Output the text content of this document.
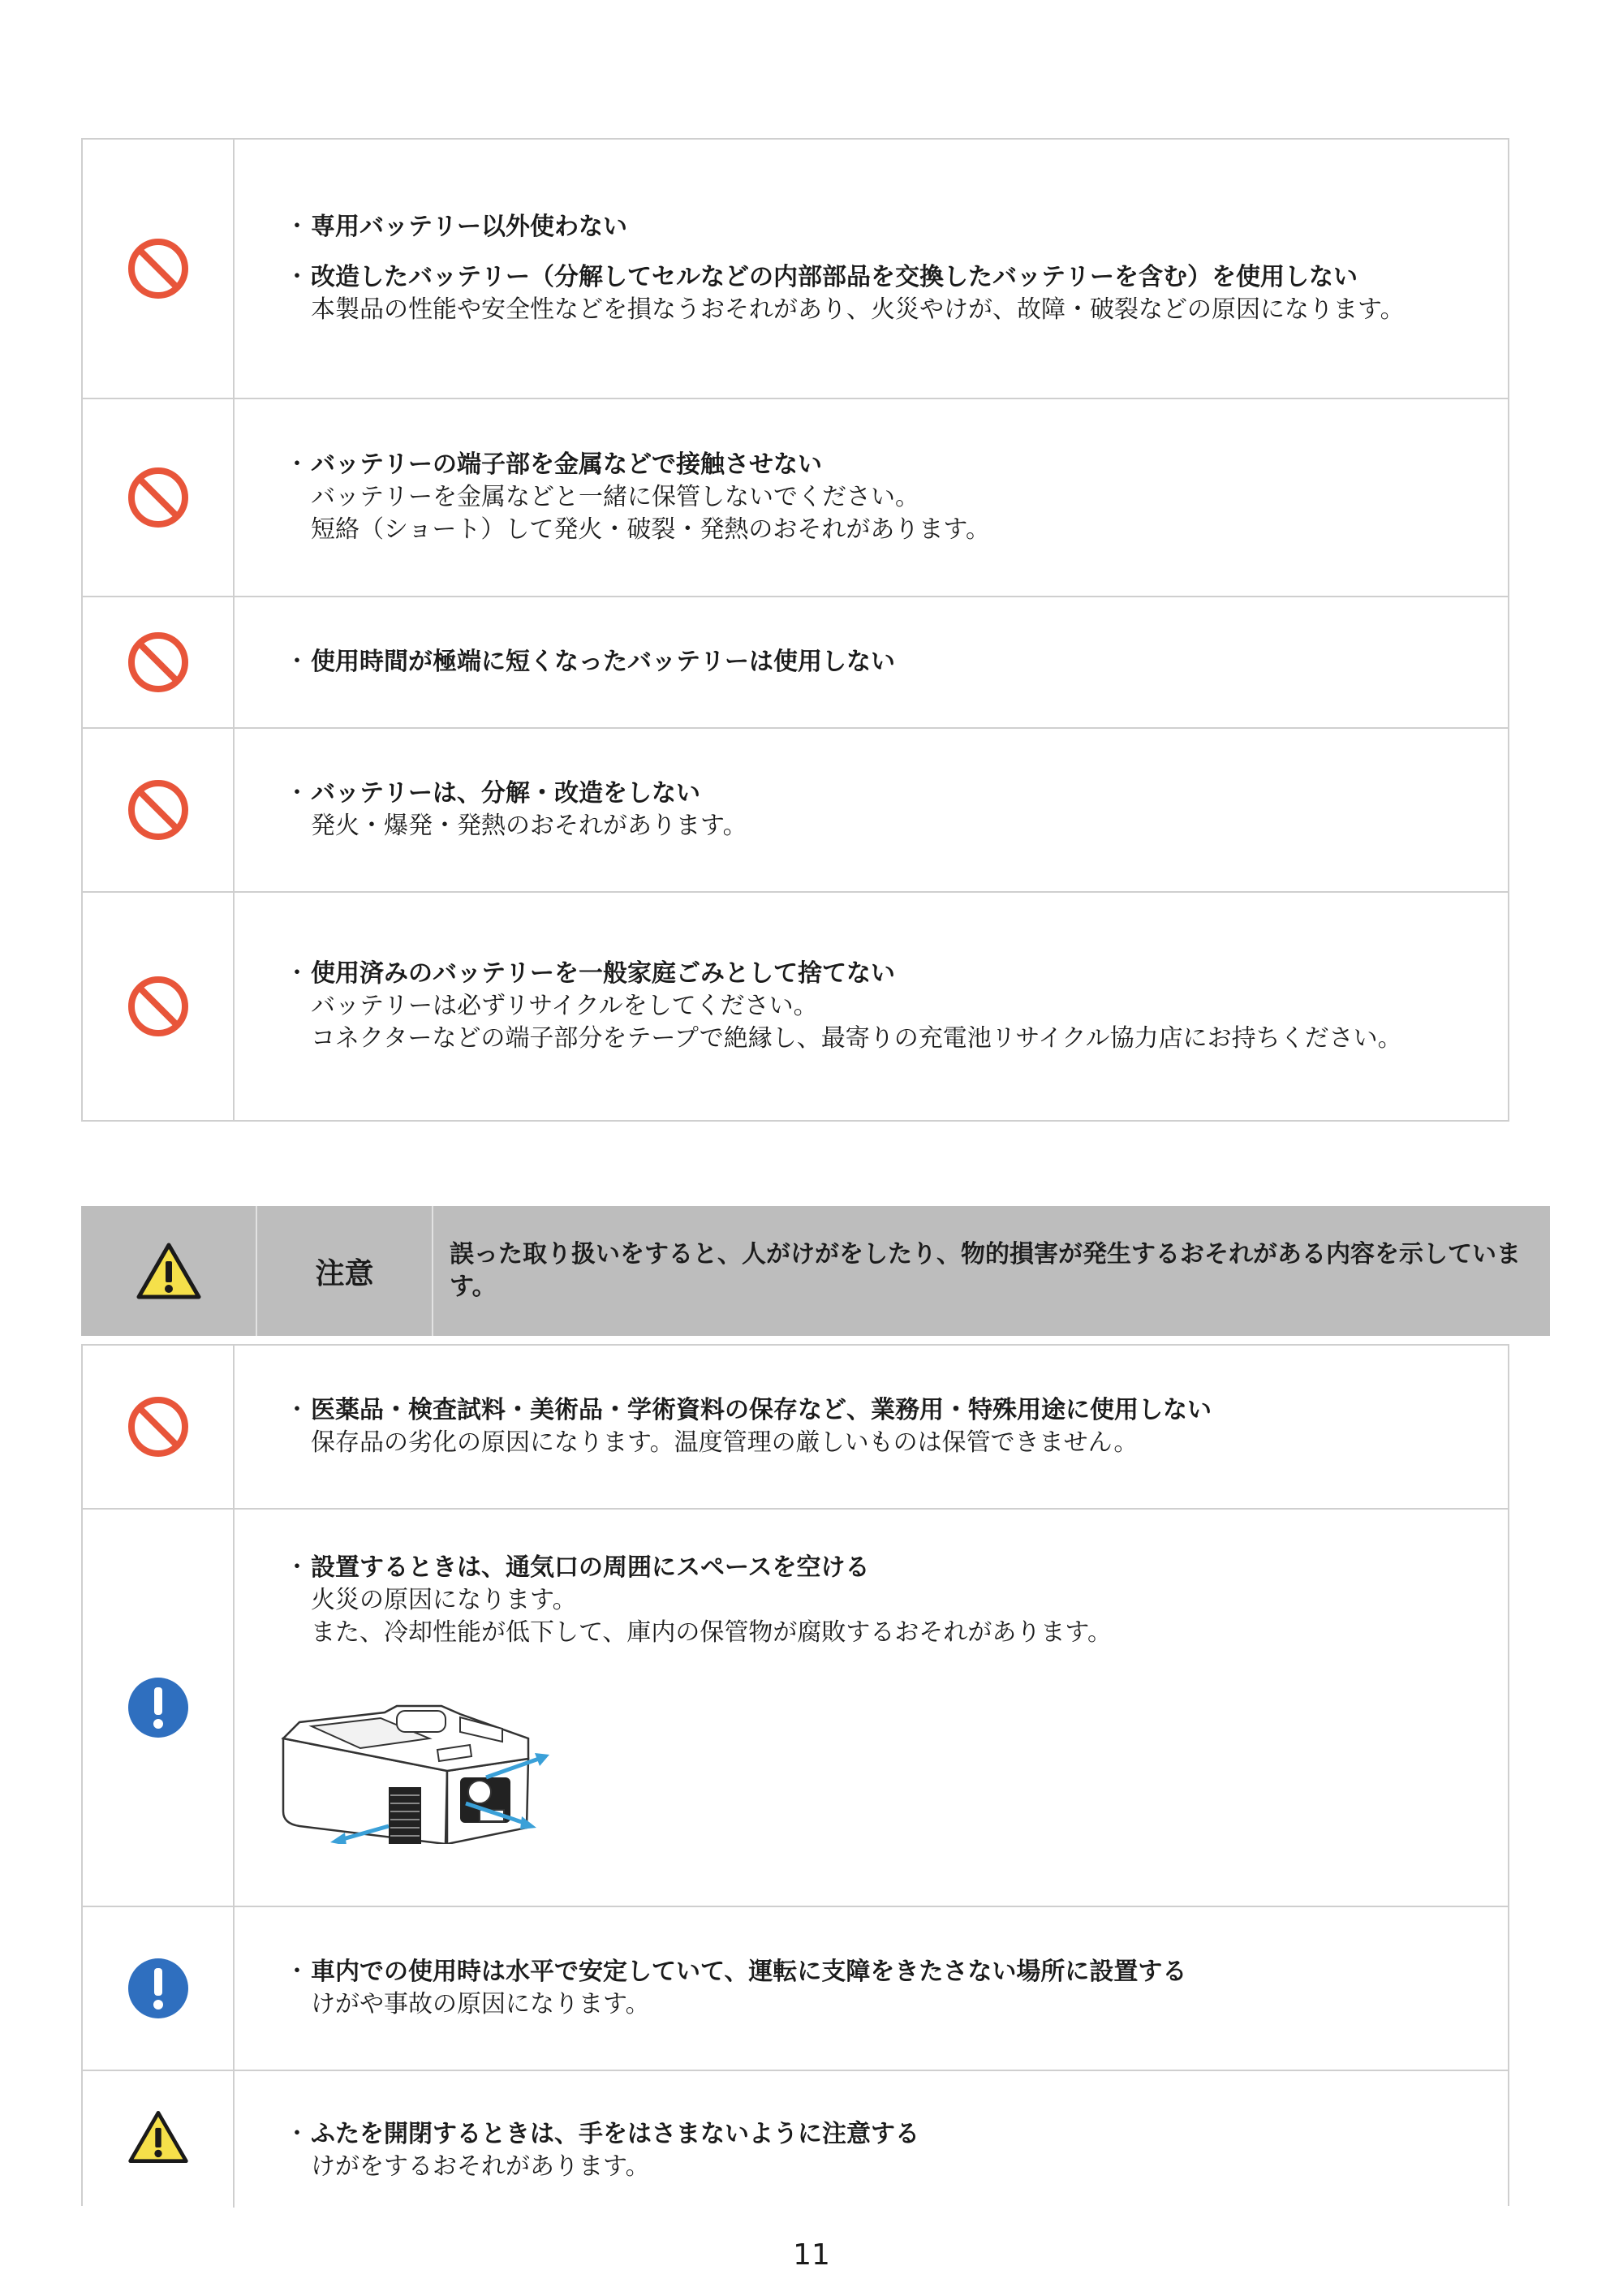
・ 専用バッテリー以外使わない
・ 改造したバッテリー（分解してセルなどの内部部品を交換したバッテリーを含む）を使用しない
本製品の性能や安全性などを損なうおそれがあり、火災やけが、故障・破裂などの原因になります。
・ バッテリーの端子部を金属などで接触させない
バッテリーを金属などと一緒に保管しないでください。
短絡（ショート）して発火・破裂・発熱のおそれがあります。
・ 使用時間が極端に短くなったバッテリーは使用しない
・ バッテリーは、分解・改造をしない
発火・爆発・発熱のおそれがあります。
・ 使用済みのバッテリーを一般家庭ごみとして捨てない
バッテリーは必ずリサイクルをしてください。
コネクターなどの端子部分をテープで絶縁し、最寄りの充電池リサイクル協力店にお持ちください。
注意
誤った取り扱いをすると、人がけがをしたり、物的損害が発生するおそれがある内容を示しています。
・ 医薬品・検査試料・美術品・学術資料の保存など、業務用・特殊用途に使用しない
保存品の劣化の原因になります。温度管理の厳しいものは保管できません。
・ 設置するときは、通気口の周囲にスペースを空ける
火災の原因になります。
また、冷却性能が低下して、庫内の保管物が腐敗するおそれがあります。
・ 車内での使用時は水平で安定していて、運転に支障をきたさない場所に設置する
けがや事故の原因になります。
・ ふたを開閉するときは、手をはさまないように注意する
けがをするおそれがあります。
11
